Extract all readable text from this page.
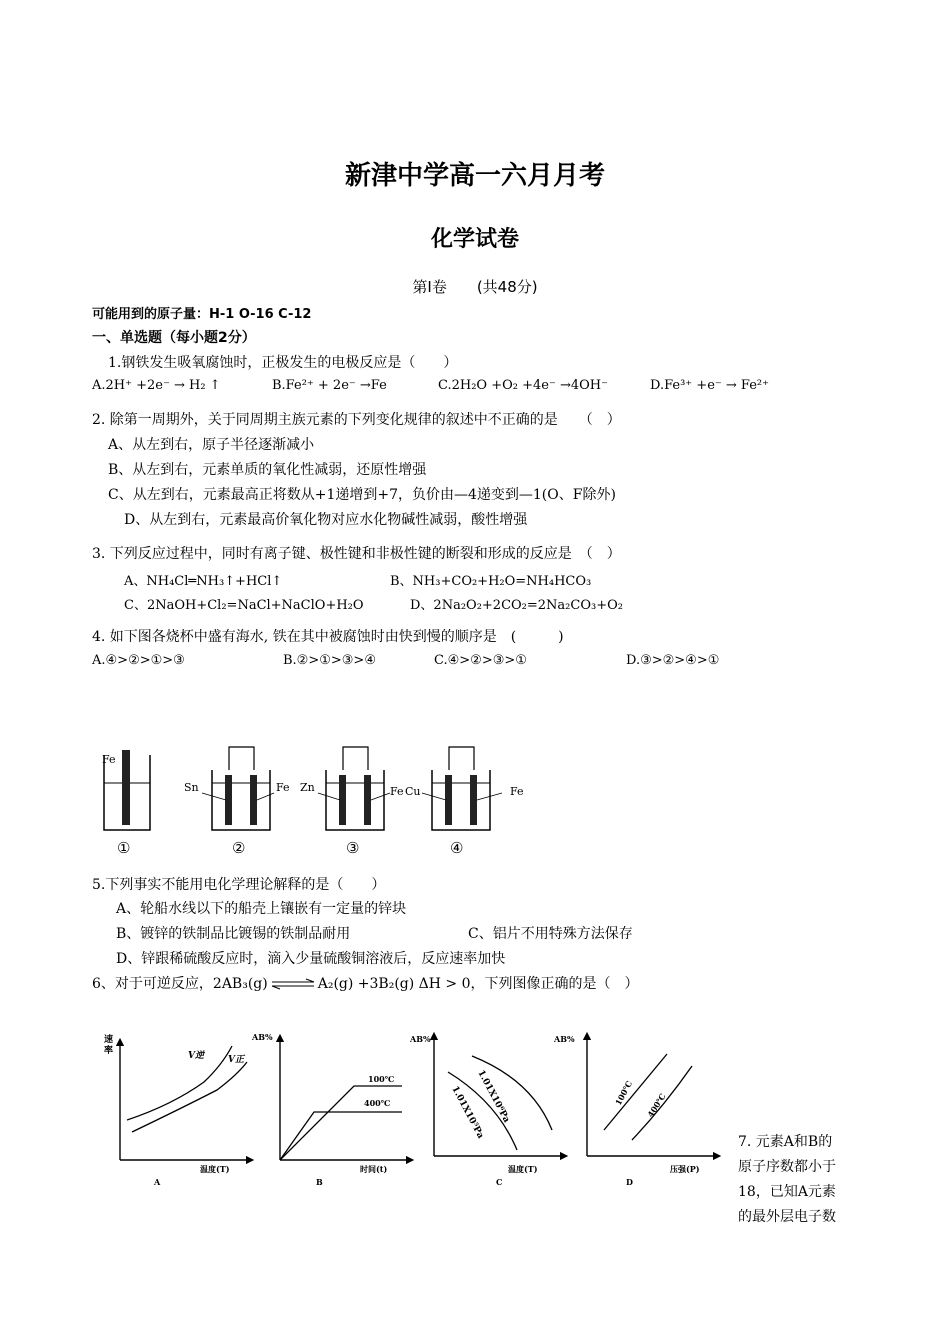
新津中学高一六月月考
化学试卷
第Ⅰ卷　　(共48分)
可能用到的原子量：H-1 O-16 C-12
一、单选题（每小题2分）
1.钢铁发生吸氧腐蚀时，正极发生的电极反应是（　　）
A.2H⁺ +2e⁻ → H₂ ↑	B.Fe²⁺ + 2e⁻ →Fe	C.2H₂O +O₂ +4e⁻ →4OH⁻	D.Fe³⁺ +e⁻ → Fe²⁺
2. 除第一周期外，关于同周期主族元素的下列变化规律的叙述中不正确的是　　（　）
A、从左到右，原子半径逐渐减小
B、从左到右，元素单质的氧化性减弱，还原性增强
C、从左到右，元素最高正将数从+1递增到+7，负价由—4递变到—1(O、F除外)
D、从左到右，元素最高价氧化物对应水化物碱性减弱，酸性增强
3. 下列反应过程中，同时有离子键、极性键和非极性键的断裂和形成的反应是　（　）
A、NH₄Cl═NH₃↑+HCl↑	B、NH₃+CO₂+H₂O=NH₄HCO₃
C、2NaOH+Cl₂=NaCl+NaClO+H₂O	D、2Na₂O₂+2CO₂=2Na₂CO₃+O₂
4. 如下图各烧杯中盛有海水, 铁在其中被腐蚀时由快到慢的顺序是　(　　　)
A.④>②>①>③	B.②>①>③>④	C.④>②>③>①	D.③>②>④>①
Fe
①
Sn	Fe
②
Zn	Fe
③
Cu	Fe
④
5.下列事实不能用电化学理论解释的是（　　）
A、轮船水线以下的船壳上镶嵌有一定量的锌块
B、镀锌的铁制品比镀锡的铁制品耐用	C、铝片不用特殊方法保存
D、锌跟稀硫酸反应时，滴入少量硫酸铜溶液后，反应速率加快
6、对于可逆反应，2AB₃(g) ⇌ A₂(g) +3B₂(g) ΔH > 0，下列图像正确的是（　）
速
率	V逆	V正
温度(T)
A
AB%
100℃
400℃
时间(t)
B
AB%
1.01X10⁶Pa
1.01X10⁵Pa
温度(T)
C
AB%
100℃ 400℃
压强(P)
D
7. 元素A和B的
原子序数都小于
18，已知A元素
的最外层电子数
